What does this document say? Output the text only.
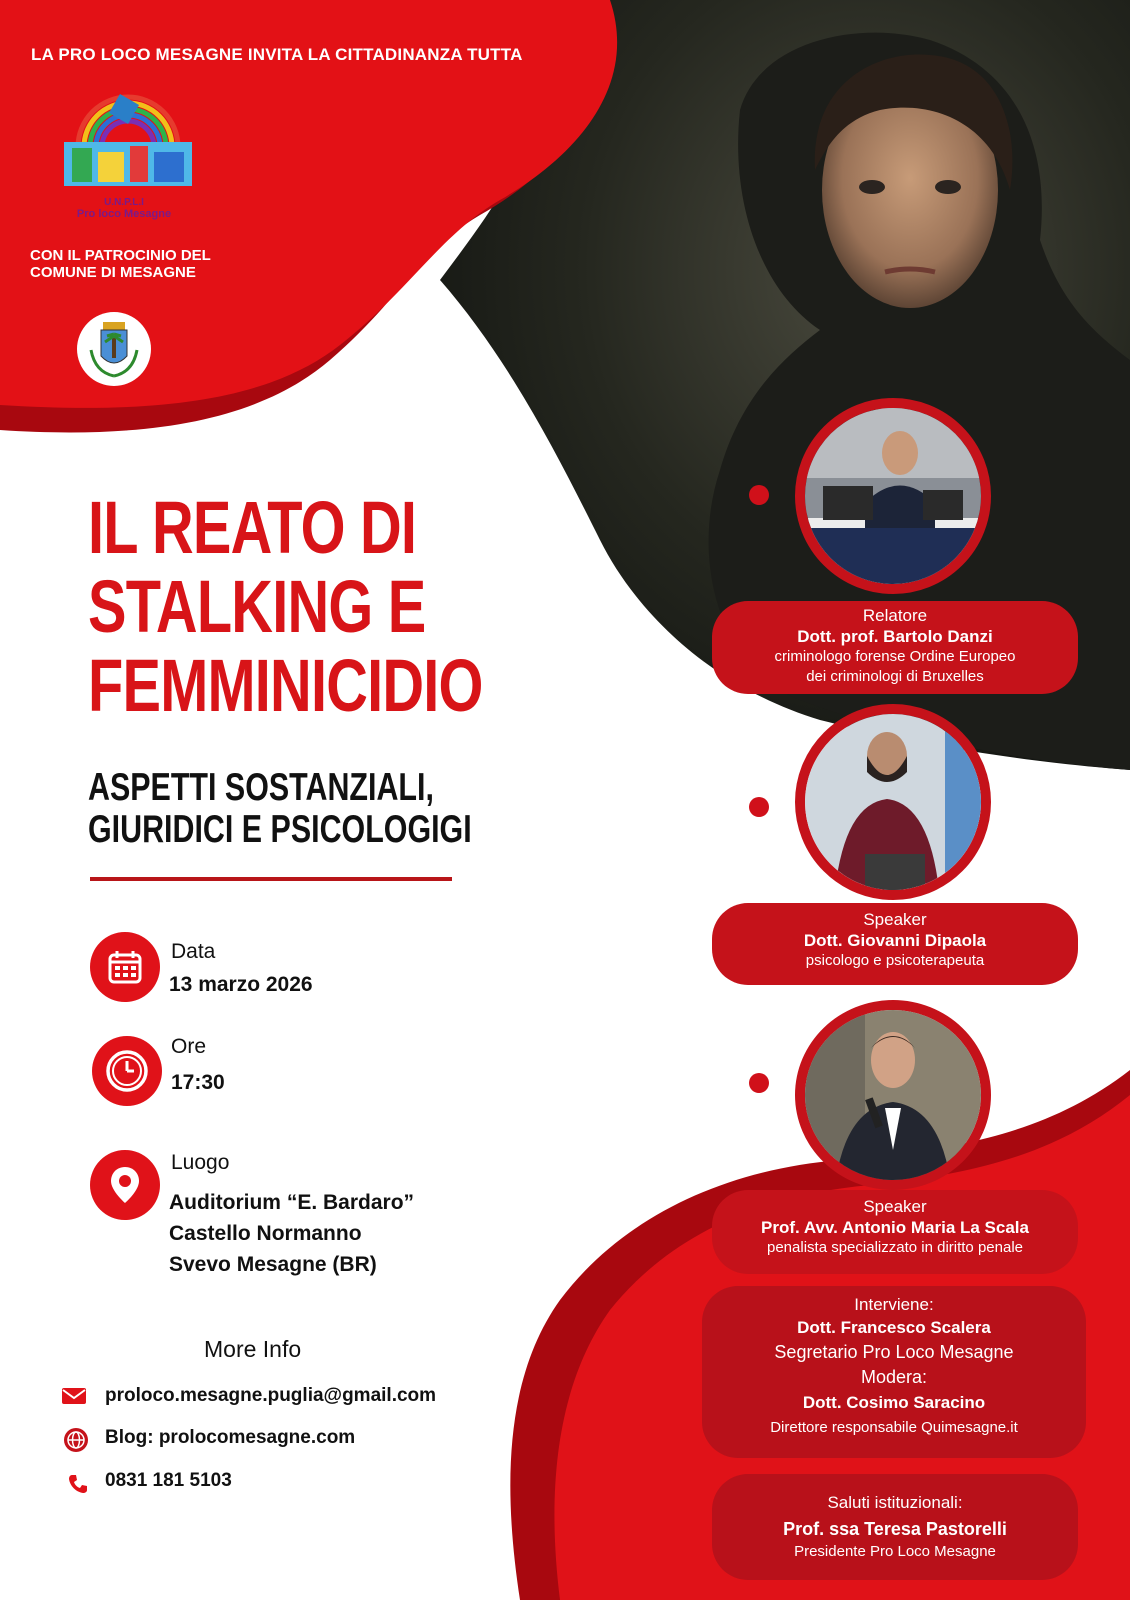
LA PRO LOCO MESAGNE INVITA LA CITTADINANZA TUTTA
U.N.P.L.I
Pro loco Mesagne
CON IL PATROCINIO DEL
COMUNE DI MESAGNE
IL REATO DI
STALKING E
FEMMINICIDIO
ASPETTI SOSTANZIALI,
GIURIDICI E PSICOLOGIGI
Data
13 marzo 2026
Ore
17:30
Luogo
Auditorium “E. Bardaro”
Castello Normanno
Svevo Mesagne (BR)
More Info
proloco.mesagne.puglia@gmail.com
Blog: prolocomesagne.com
0831 181 5103
Relatore
Dott. prof. Bartolo Danzi
criminologo forense Ordine Europeo
dei criminologi di Bruxelles
Speaker
Dott. Giovanni Dipaola
psicologo e psicoterapeuta
Speaker
Prof. Avv. Antonio Maria La Scala
penalista specializzato in diritto penale
Interviene:
Dott. Francesco Scalera
Segretario Pro Loco Mesagne
Modera:
Dott. Cosimo Saracino
Direttore responsabile Quimesagne.it
Saluti istituzionali:
Prof. ssa Teresa Pastorelli
Presidente Pro Loco Mesagne
